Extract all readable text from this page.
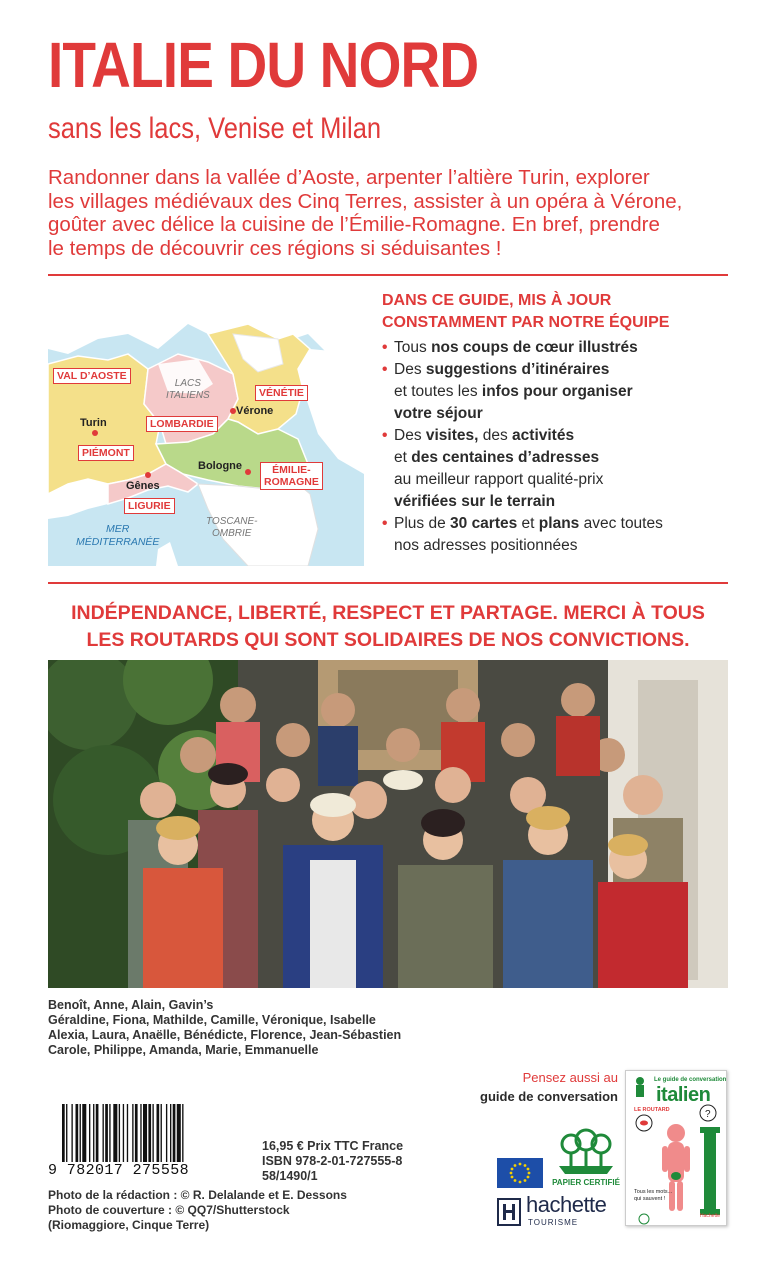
ITALIE DU NORD
sans les lacs, Venise et Milan
Randonner dans la vallée d’Aoste, arpenter l’altière Turin, explorer
les villages médiévaux des Cinq Terres, assister à un opéra à Vérone,
goûter avec délice la cuisine de l’Émilie-Romagne. En bref, prendre
le temps de découvrir ces régions si séduisantes !
VAL D’AOSTE
PIÉMONT
LOMBARDIE
VÉNÉTIE
ÉMILIE-
ROMAGNE
LIGURIE
Turin
Vérone
Bologne
Gênes
LACS
ITALIENS
TOSCANE-
OMBRIE
MER
MÉDITERRANÉE
DANS CE GUIDE, MIS À JOUR
CONSTAMMENT PAR NOTRE ÉQUIPE
• Tous nos coups de cœur illustrés
• Des suggestions d’itinéraires
et toutes les infos pour organiser
votre séjour
• Des visites, des activités
et des centaines d’adresses
au meilleur rapport qualité-prix
vérifiées sur le terrain
• Plus de 30 cartes et plans avec toutes
nos adresses positionnées
INDÉPENDANCE, LIBERTÉ, RESPECT ET PARTAGE. MERCI À TOUS
LES ROUTARDS QUI SONT SOLIDAIRES DE NOS CONVICTIONS.
Benoît, Anne, Alain, Gavin’s
Géraldine, Fiona, Mathilde, Camille, Véronique, Isabelle
Alexia, Laura, Anaëlle, Bénédicte, Florence, Jean-Sébastien
Carole, Philippe, Amanda, Marie, Emmanuelle
9 782017 275558
16,95 € Prix TTC France
ISBN 978-2-01-727555-8
58/1490/1
Photo de la rédaction : © R. Delalande et E. Dessons
Photo de couverture : © QQ7/Shutterstock
(Riomaggiore, Cinque Terre)
Pensez aussi au
guide de conversation
PAPIER CERTIFIÉ
hachette
TOURISME
?
Le guide de conversation
italien
LE ROUTARD
Tous les mots...
qui sauvent !
Hachette
